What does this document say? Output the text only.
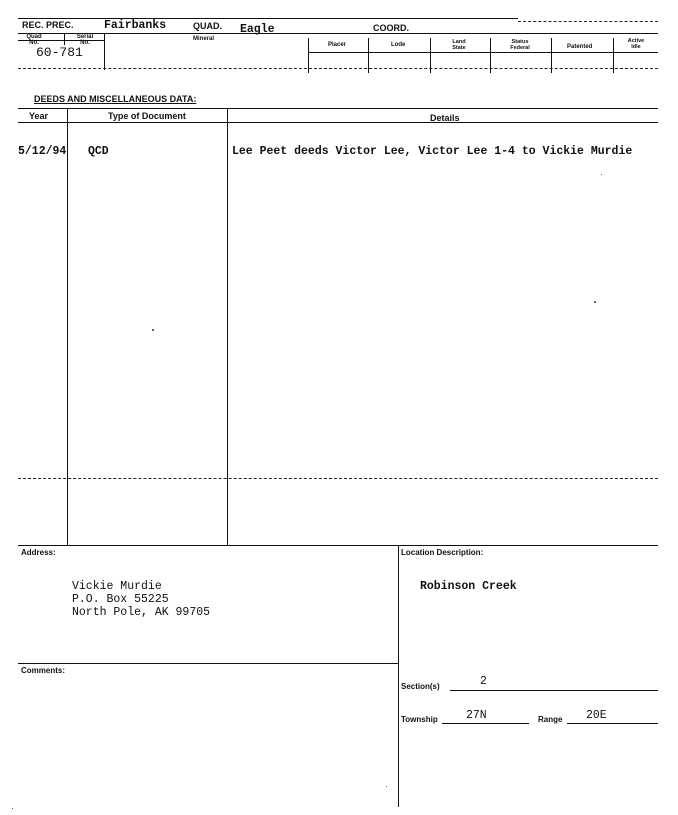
REC. PREC.	Fairbanks	QUAD. Eagle	COORD.
Quad
No.
Serial
No.
Mineral
Placer	Lode	Land
State
Status
Federal	Patented
Active
Idle
60-781
DEEDS AND MISCELLANEOUS DATA:
Year	Type of Document	Details
5/12/94 QCD	Lee Peet deeds Victor Lee, Victor Lee 1-4 to Vickie Murdie
Address:
Vickie Murdie
P.O. Box 55225
North Pole, AK 99705
Location Description:
Robinson Creek
Comments:
Section(s)	2
Township 27N	Range 20E
